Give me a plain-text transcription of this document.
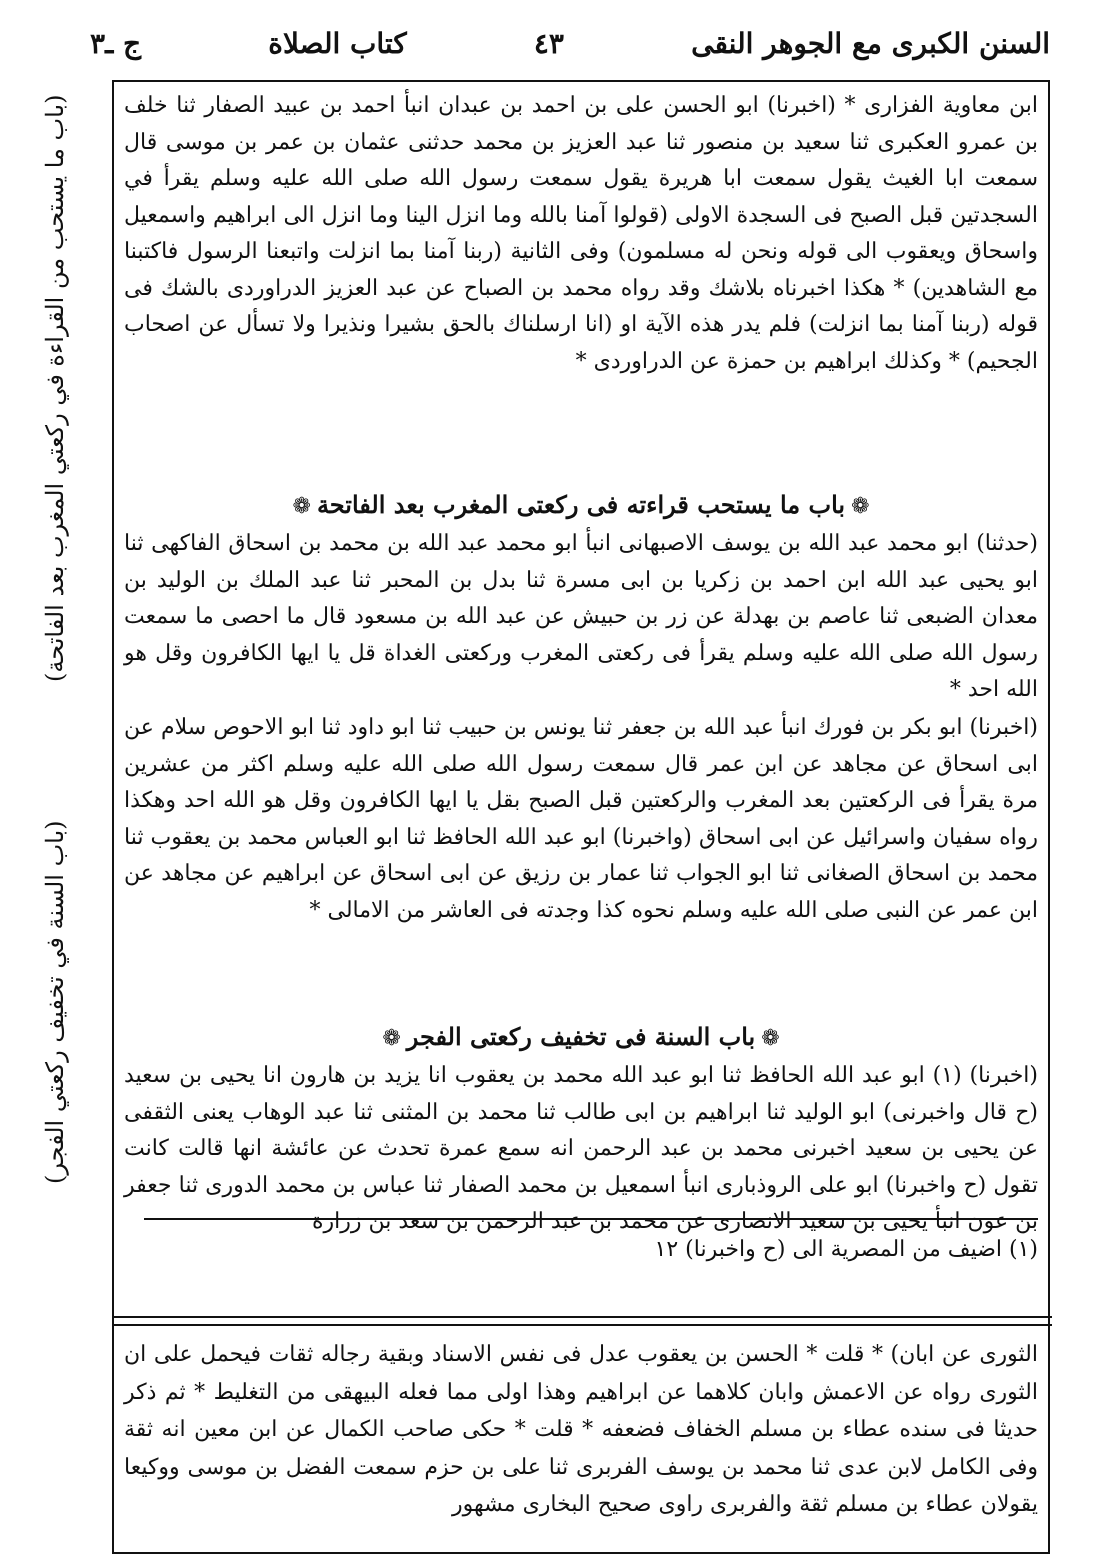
السنن الكبرى مع الجوهر النقى
٤٣
كتاب الصلاة
ج ـ٣
(باب ما يستحب من القراءة في ركعتي المغرب بعد الفاتحة)
(باب السنة في تخفيف ركعتي الفجر)

ابن معاوية الفزارى * (اخبرنا) ابو الحسن على بن احمد بن عبدان انبأ احمد بن عبيد الصفار ثنا خلف بن عمرو العكبرى ثنا سعيد بن منصور ثنا عبد العزيز بن محمد حدثنى عثمان بن عمر بن موسى قال سمعت ابا الغيث يقول سمعت ابا هريرة يقول سمعت رسول الله صلى الله عليه وسلم يقرأ في السجدتين قبل الصبح فى السجدة الاولى (قولوا آمنا بالله وما انزل الينا وما انزل الى ابراهيم واسمعيل واسحاق ويعقوب الى قوله ونحن له مسلمون) وفى الثانية (ربنا آمنا بما انزلت واتبعنا الرسول فاكتبنا مع الشاهدين) * هكذا اخبرناه بلاشك وقد رواه محمد بن الصباح عن عبد العزيز الدراوردى بالشك فى قوله (ربنا آمنا بما انزلت) فلم يدر هذه الآية او (انا ارسلناك بالحق بشيرا ونذيرا ولا تسأل عن اصحاب الجحيم) * وكذلك ابراهيم بن حمزة عن الدراوردى *

❁باب ما يستحب قراءته فى ركعتى المغرب بعد الفاتحة❁

(حدثنا) ابو محمد عبد الله بن يوسف الاصبهانى انبأ ابو محمد عبد الله بن محمد بن اسحاق الفاكهى ثنا ابو يحيى عبد الله ابن احمد بن زكريا بن ابى مسرة ثنا بدل بن المحبر ثنا عبد الملك بن الوليد بن معدان الضبعى ثنا عاصم بن بهدلة عن زر بن حبيش عن عبد الله بن مسعود قال ما احصى ما سمعت رسول الله صلى الله عليه وسلم يقرأ فى ركعتى المغرب وركعتى الغداة قل يا ايها الكافرون وقل هو الله احد *

(اخبرنا) ابو بكر بن فورك انبأ عبد الله بن جعفر ثنا يونس بن حبيب ثنا ابو داود ثنا ابو الاحوص سلام عن ابى اسحاق عن مجاهد عن ابن عمر قال سمعت رسول الله صلى الله عليه وسلم اكثر من عشرين مرة يقرأ فى الركعتين بعد المغرب والركعتين قبل الصبح بقل يا ايها الكافرون وقل هو الله احد وهكذا رواه سفيان واسرائيل عن ابى اسحاق (واخبرنا) ابو عبد الله الحافظ ثنا ابو العباس محمد بن يعقوب ثنا محمد بن اسحاق الصغانى ثنا ابو الجواب ثنا عمار بن رزيق عن ابى اسحاق عن ابراهيم عن مجاهد عن ابن عمر عن النبى صلى الله عليه وسلم نحوه كذا وجدته فى العاشر من الامالى *

❁باب السنة فى تخفيف ركعتى الفجر❁

(اخبرنا) (١) ابو عبد الله الحافظ ثنا ابو عبد الله محمد بن يعقوب انا يزيد بن هارون انا يحيى بن سعيد (ح قال واخبرنى) ابو الوليد ثنا ابراهيم بن ابى طالب ثنا محمد بن المثنى ثنا عبد الوهاب يعنى الثقفى عن يحيى بن سعيد اخبرنى محمد بن عبد الرحمن انه سمع عمرة تحدث عن عائشة انها قالت كانت تقول (ح واخبرنا) ابو على الروذبارى انبأ اسمعيل بن محمد الصفار ثنا عباس بن محمد الدورى ثنا جعفر بن عون انبأ يحيى بن سعيد الانصارى عن محمد بن عبد الرحمن بن سعد بن زرارة

(١) اضيف من المصرية الى (ح واخبرنا) ١٢

الثورى عن ابان) * قلت * الحسن بن يعقوب عدل فى نفس الاسناد وبقية رجاله ثقات فيحمل على ان الثورى رواه عن الاعمش وابان كلاهما عن ابراهيم وهذا اولى مما فعله البيهقى من التغليط * ثم ذكر حديثا فى سنده عطاء بن مسلم الخفاف فضعفه * قلت * حكى صاحب الكمال عن ابن معين انه ثقة وفى الكامل لابن عدى ثنا محمد بن يوسف الفربرى ثنا على بن حزم سمعت الفضل بن موسى ووكيعا يقولان عطاء بن مسلم ثقة والفربرى راوى صحيح البخارى مشهور
